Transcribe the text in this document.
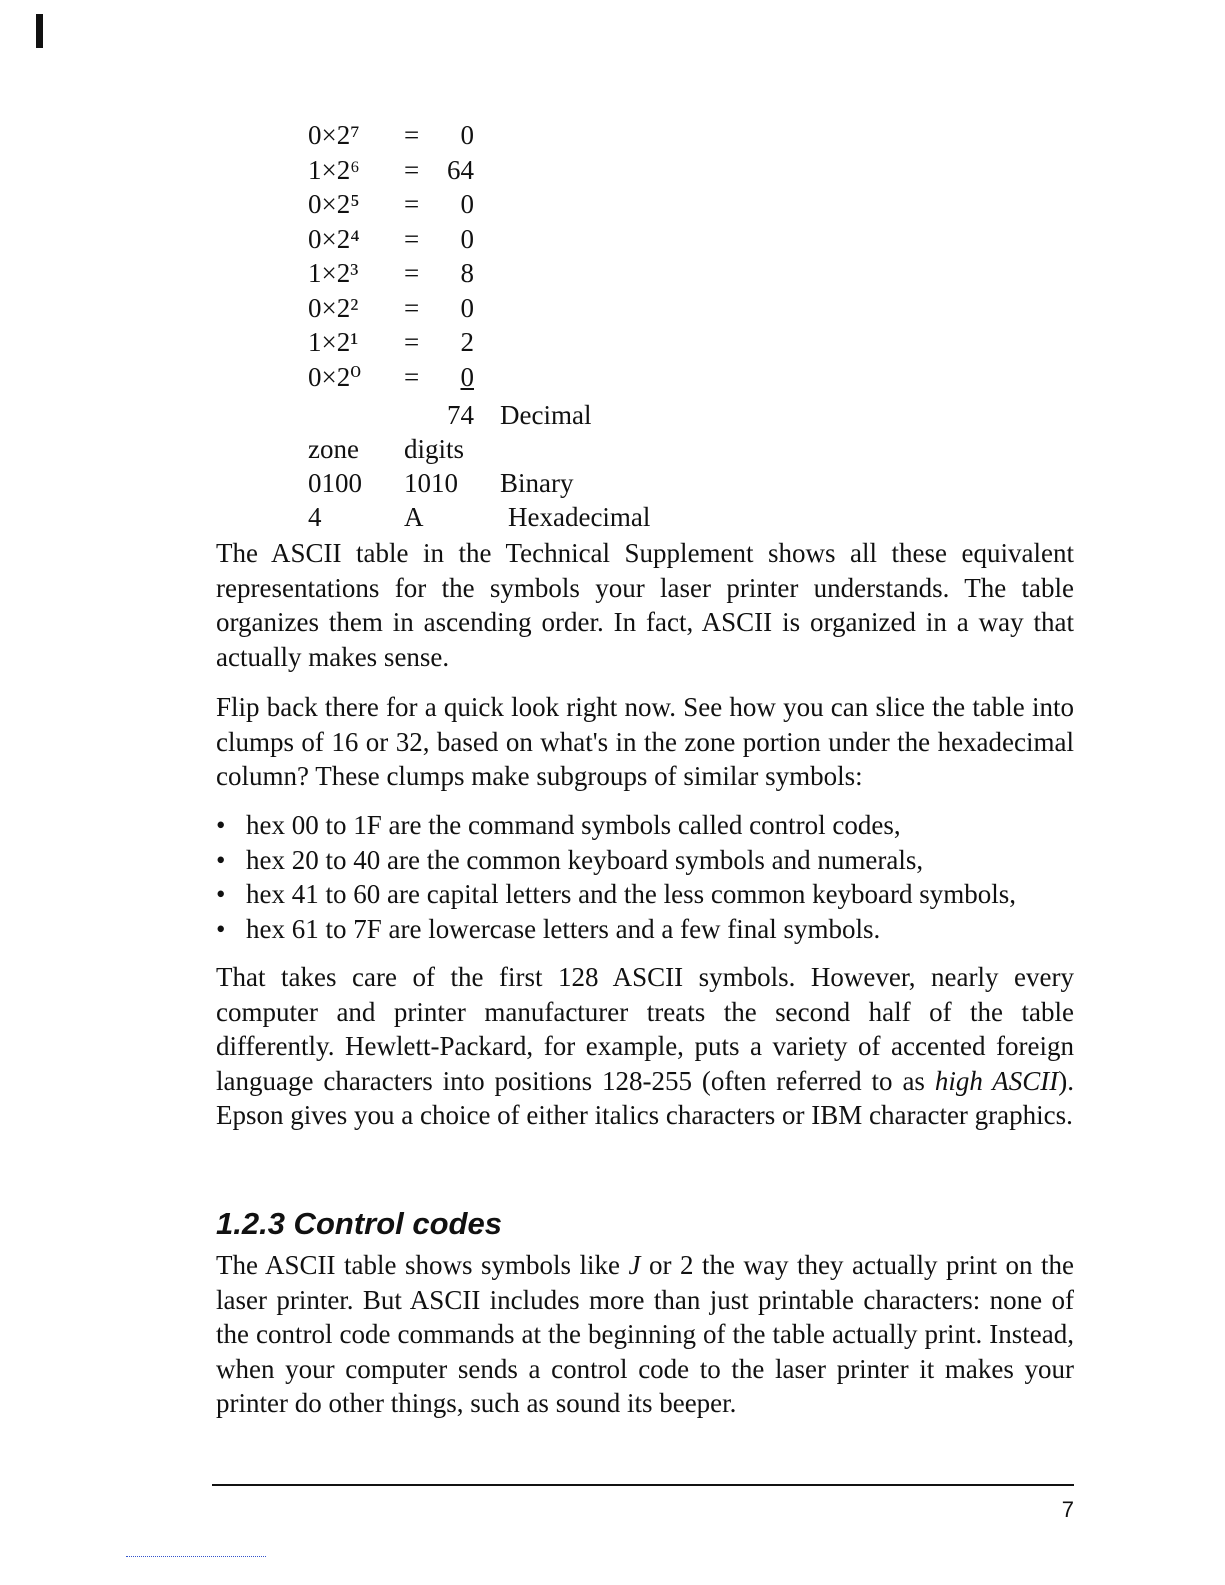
0×2⁷ =	0
1×2⁶ =	64
0×2⁵ =	0
0×2⁴ =	0
1×2³ =	8
0×2² =	0
1×2¹ =	2
0×2⁰ =	0
74 Decimal
zone digits
0100 1010 Binary
4	A	Hexadecimal

The ASCII table in the Technical Supplement shows all these equivalent representations for the symbols your laser printer understands. The table organizes them in ascending order. In fact, ASCII is organized in a way that actually makes sense.

Flip back there for a quick look right now. See how you can slice the table into clumps of 16 or 32, based on what's in the zone portion under the hexadecimal column? These clumps make subgroups of similar symbols:

• hex 00 to 1F are the command symbols called control codes,
• hex 20 to 40 are the common keyboard symbols and numerals,
• hex 41 to 60 are capital letters and the less common keyboard symbols,
• hex 61 to 7F are lowercase letters and a few final symbols.

That takes care of the first 128 ASCII symbols. However, nearly every computer and printer manufacturer treats the second half of the table differently. Hewlett-Packard, for example, puts a variety of accented foreign language characters into positions 128-255 (often referred to as high ASCII). Epson gives you a choice of either italics characters or IBM character graphics.

1.2.3 Control codes

The ASCII table shows symbols like J or 2 the way they actually print on the laser printer. But ASCII includes more than just printable characters: none of the control code commands at the beginning of the table actually print. Instead, when your computer sends a control code to the laser printer it makes your printer do other things, such as sound its beeper.

7
